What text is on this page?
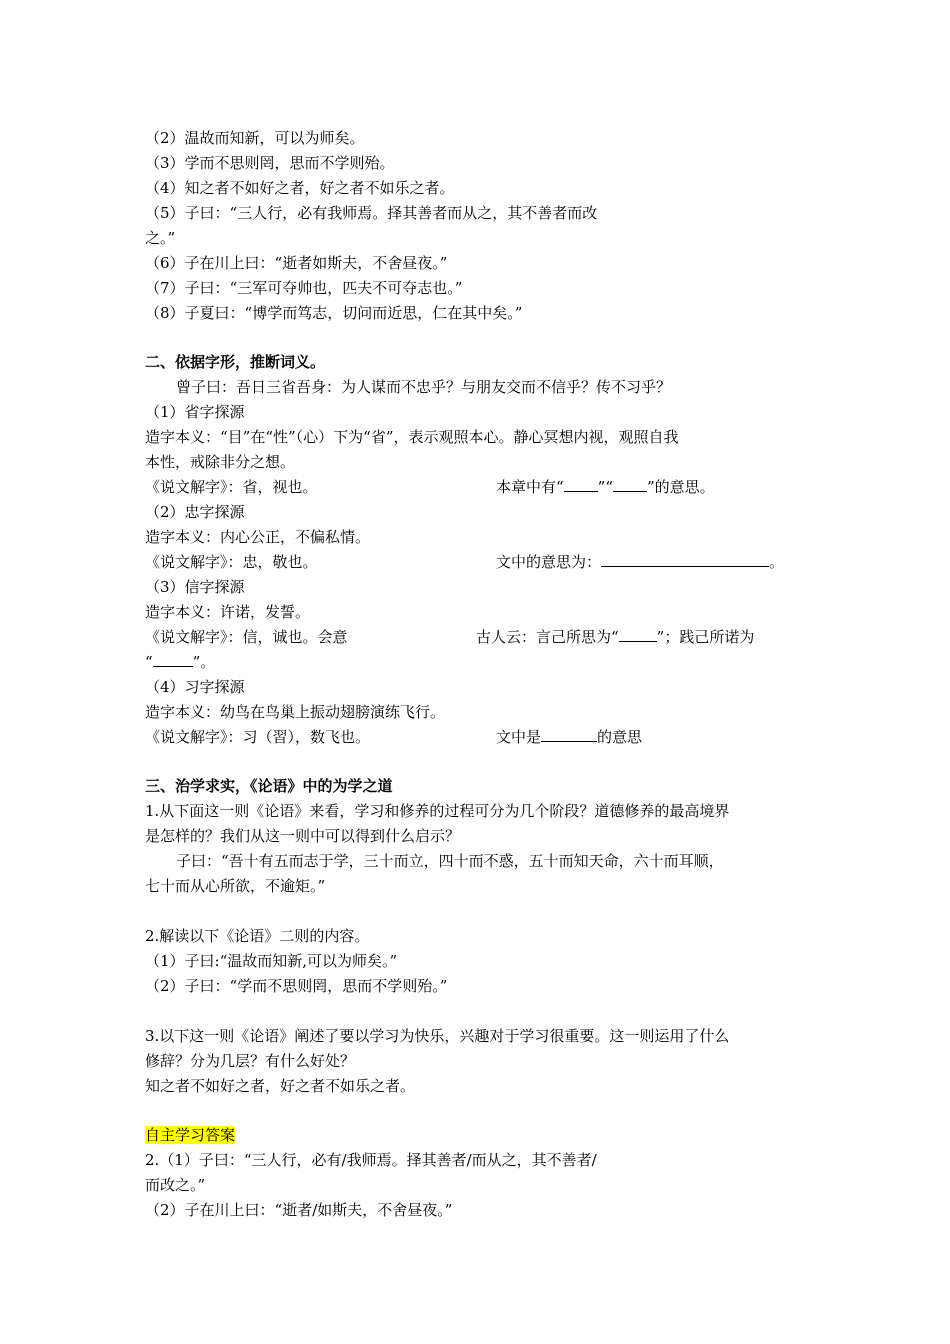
（2）温故而知新，可以为师矣。
（3）学而不思则罔，思而不学则殆。
（4）知之者不如好之者，好之者不如乐之者。
（5）子曰：“三人行，必有我师焉。择其善者而从之，其不善者而改
之。”
（6）子在川上曰：“逝者如斯夫，不舍昼夜。”
（7）子曰：“三军可夺帅也，匹夫不可夺志也。”
（8）子夏曰：“博学而笃志，切问而近思，仁在其中矣。”
二、依据字形，推断词义。
曾子曰：吾日三省吾身：为人谋而不忠乎？与朋友交而不信乎？传不习乎？
（1）省字探源
造字本义：“目”在“性”（心）下为“省”，表示观照本心。静心冥想内视，观照自我
本性，戒除非分之想。
《说文解字》：省，视也。	本章中有“ ”“ ”的意思。
（2）忠字探源
造字本义：内心公正，不偏私情。
《说文解字》：忠，敬也。	文中的意思为：	。
（3）信字探源
造字本义：许诺，发誓。
《说文解字》：信，诚也。会意	古人云：言己所思为“	”；践己所诺为
“	”。
（4）习字探源
造字本义：幼鸟在鸟巢上振动翅膀演练飞行。
《说文解字》：习（習），数飞也。	文中是	的意思
三、治学求实，《论语》中的为学之道
1.从下面这一则《论语》来看，学习和修养的过程可分为几个阶段？道德修养的最高境界
是怎样的？我们从这一则中可以得到什么启示？
子曰：“吾十有五而志于学，三十而立，四十而不惑，五十而知天命，六十而耳顺，
七十而从心所欲，不逾矩。”
2.解读以下《论语》二则的内容。
（1）子曰:“温故而知新,可以为师矣。”
（2）子曰：“学而不思则罔，思而不学则殆。”
3.以下这一则《论语》阐述了要以学习为快乐，兴趣对于学习很重要。这一则运用了什么
修辞？分为几层？有什么好处？
知之者不如好之者，好之者不如乐之者。
自主学习答案
2.（1）子曰：“三人行，必有/我师焉。择其善者/而从之，其不善者/
而改之。”
（2）子在川上曰：“逝者/如斯夫，不舍昼夜。”
